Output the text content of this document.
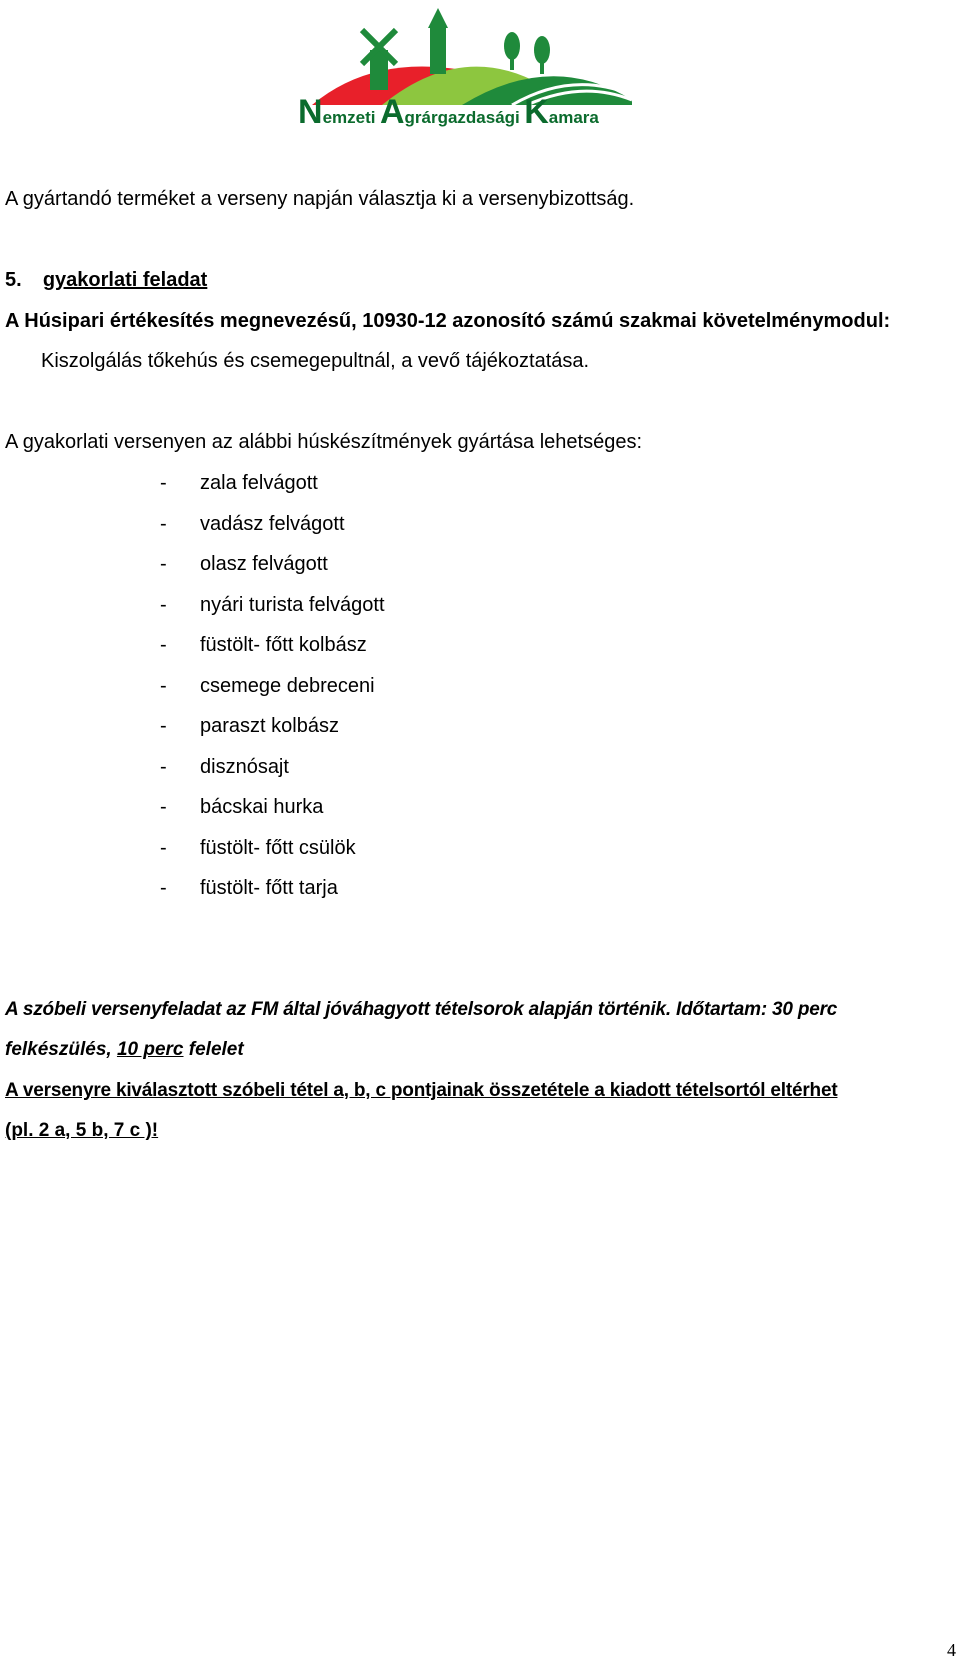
Nemzeti Agrárgazdasági Kamara
A gyártandó terméket a verseny napján választja ki a versenybizottság.
5. gyakorlati feladat
A Húsipari értékesítés megnevezésű, 10930-12 azonosító számú szakmai követelménymodul:
Kiszolgálás tőkehús és csemegepultnál, a vevő tájékoztatása.
A gyakorlati versenyen az alábbi húskészítmények gyártása lehetséges:
- zala felvágott
- vadász felvágott
- olasz felvágott
- nyári turista felvágott
- füstölt- főtt kolbász
- csemege debreceni
- paraszt kolbász
- disznósajt
- bácskai hurka
- füstölt- főtt csülök
- füstölt- főtt tarja
A szóbeli versenyfeladat az FM által jóváhagyott tételsorok alapján történik. Időtartam: 30 perc
felkészülés, 10 perc felelet
A versenyre kiválasztott szóbeli tétel a, b, c pontjainak összetétele a kiadott tételsortól eltérhet
(pl. 2 a, 5 b, 7 c )!
4
